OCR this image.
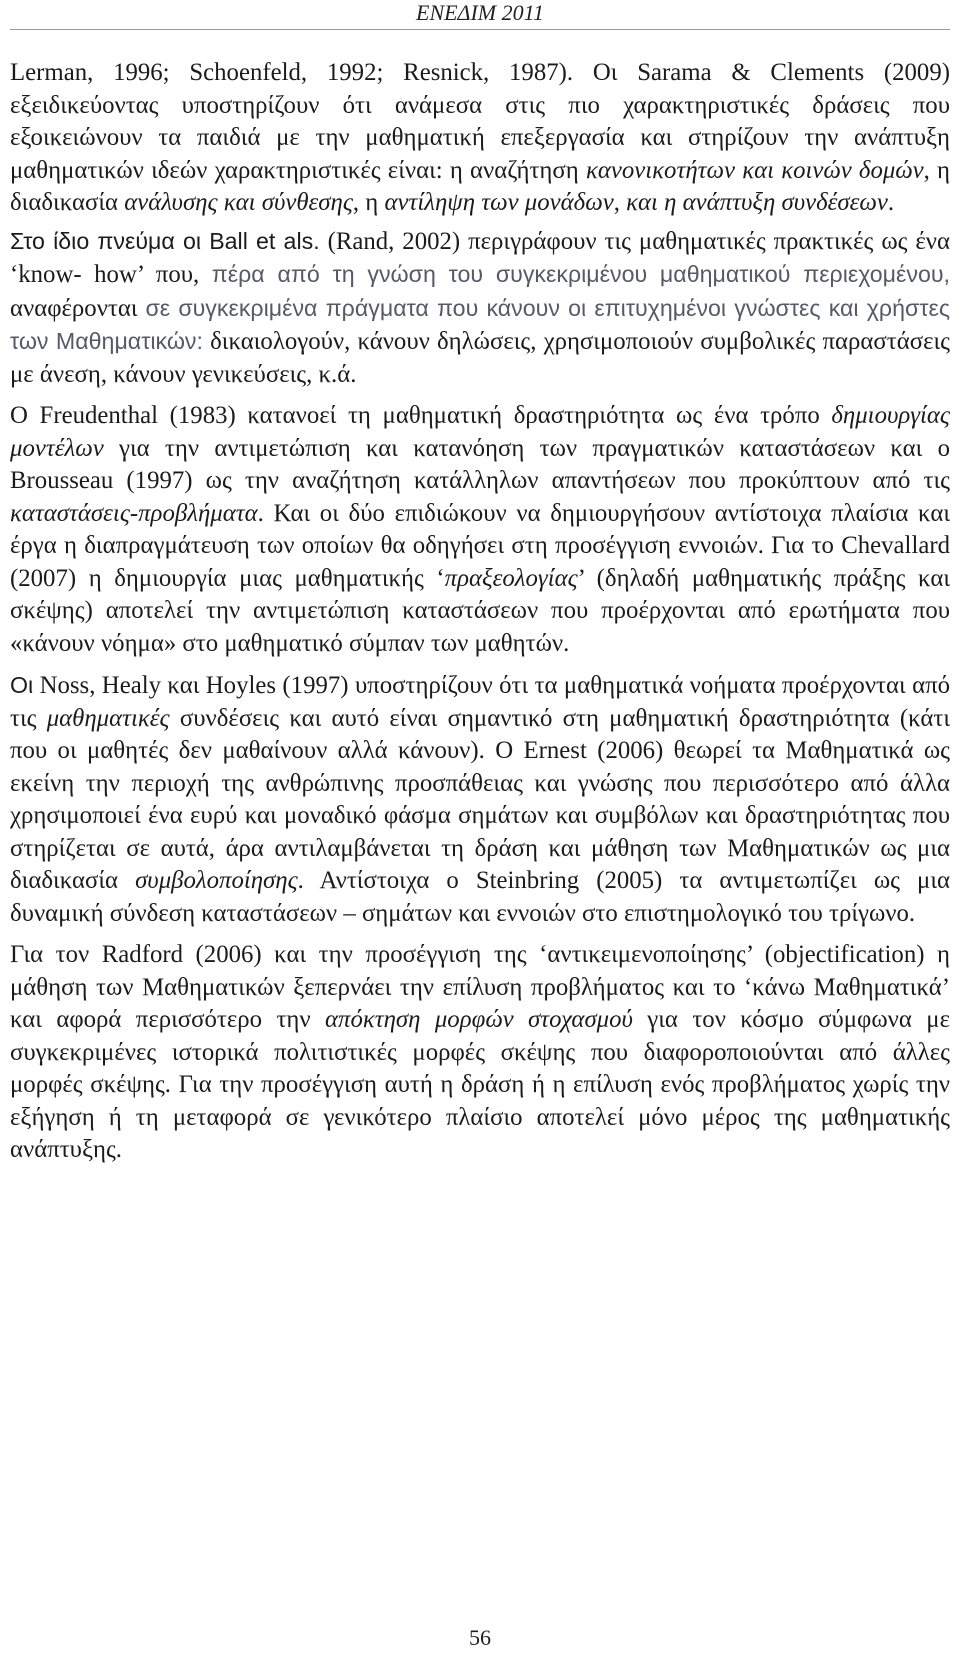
ΕΝΕΔΙΜ 2011

Lerman, 1996; Schoenfeld, 1992; Resnick, 1987). Οι Sarama & Clements (2009) εξειδικεύοντας υποστηρίζουν ότι ανάμεσα στις πιο χαρακτηριστικές δράσεις που εξοικειώνουν τα παιδιά με την μαθηματική επεξεργασία και στηρίζουν την ανάπτυξη μαθηματικών ιδεών χαρακτηριστικές είναι: η αναζήτηση κανονικοτήτων και κοινών δομών, η διαδικασία ανάλυσης και σύνθεσης, η αντίληψη των μονάδων, και η ανάπτυξη συνδέσεων.

Στο ίδιο πνεύμα οι Ball et als. (Rand, 2002) περιγράφουν τις μαθηματικές πρακτικές ως ένα ‘know- how’ που, πέρα από τη γνώση του συγκεκριμένου μαθηματικού περιεχομένου, αναφέρονται σε συγκεκριμένα πράγματα που κάνουν οι επιτυχημένοι γνώστες και χρήστες των Μαθηματικών: δικαιολογούν, κάνουν δηλώσεις, χρησιμοποιούν συμβολικές παραστάσεις με άνεση, κάνουν γενικεύσεις, κ.ά.

Ο Freudenthal (1983) κατανοεί τη μαθηματική δραστηριότητα ως ένα τρόπο δημιουργίας μοντέλων για την αντιμετώπιση και κατανόηση των πραγματικών καταστάσεων και ο Brousseau (1997) ως την αναζήτηση κατάλληλων απαντήσεων που προκύπτουν από τις καταστάσεις-προβλήματα. Και οι δύο επιδιώκουν να δημιουργήσουν αντίστοιχα πλαίσια και έργα η διαπραγμάτευση των οποίων θα οδηγήσει στη προσέγγιση εννοιών. Για το Chevallard (2007) η δημιουργία μιας μαθηματικής ‘πραξεολογίας’ (δηλαδή μαθηματικής πράξης και σκέψης) αποτελεί την αντιμετώπιση καταστάσεων που προέρχονται από ερωτήματα που «κάνουν νόημα» στο μαθηματικό σύμπαν των μαθητών.

Οι Noss, Healy και Hoyles (1997) υποστηρίζουν ότι τα μαθηματικά νοήματα προέρχονται από τις μαθηματικές συνδέσεις και αυτό είναι σημαντικό στη μαθηματική δραστηριότητα (κάτι που οι μαθητές δεν μαθαίνουν αλλά κάνουν). Ο Ernest (2006) θεωρεί τα Μαθηματικά ως εκείνη την περιοχή της ανθρώπινης προσπάθειας και γνώσης που περισσότερο από άλλα χρησιμοποιεί ένα ευρύ και μοναδικό φάσμα σημάτων και συμβόλων και δραστηριότητας που στηρίζεται σε αυτά, άρα αντιλαμβάνεται τη δράση και μάθηση των Μαθηματικών ως μια διαδικασία συμβολοποίησης. Αντίστοιχα ο Steinbring (2005) τα αντιμετωπίζει ως μια δυναμική σύνδεση καταστάσεων – σημάτων και εννοιών στο επιστημολογικό του τρίγωνο.

Για τον Radford (2006) και την προσέγγιση της ‘αντικειμενοποίησης’ (objectification) η μάθηση των Μαθηματικών ξεπερνάει την επίλυση προβλήματος και το ‘κάνω Μαθηματικά’ και αφορά περισσότερο την απόκτηση μορφών στοχασμού για τον κόσμο σύμφωνα με συγκεκριμένες ιστορικά πολιτιστικές μορφές σκέψης που διαφοροποιούνται από άλλες μορφές σκέψης. Για την προσέγγιση αυτή η δράση ή η επίλυση ενός προβλήματος χωρίς την εξήγηση ή τη μεταφορά σε γενικότερο πλαίσιο αποτελεί μόνο μέρος της μαθηματικής ανάπτυξης.

56
